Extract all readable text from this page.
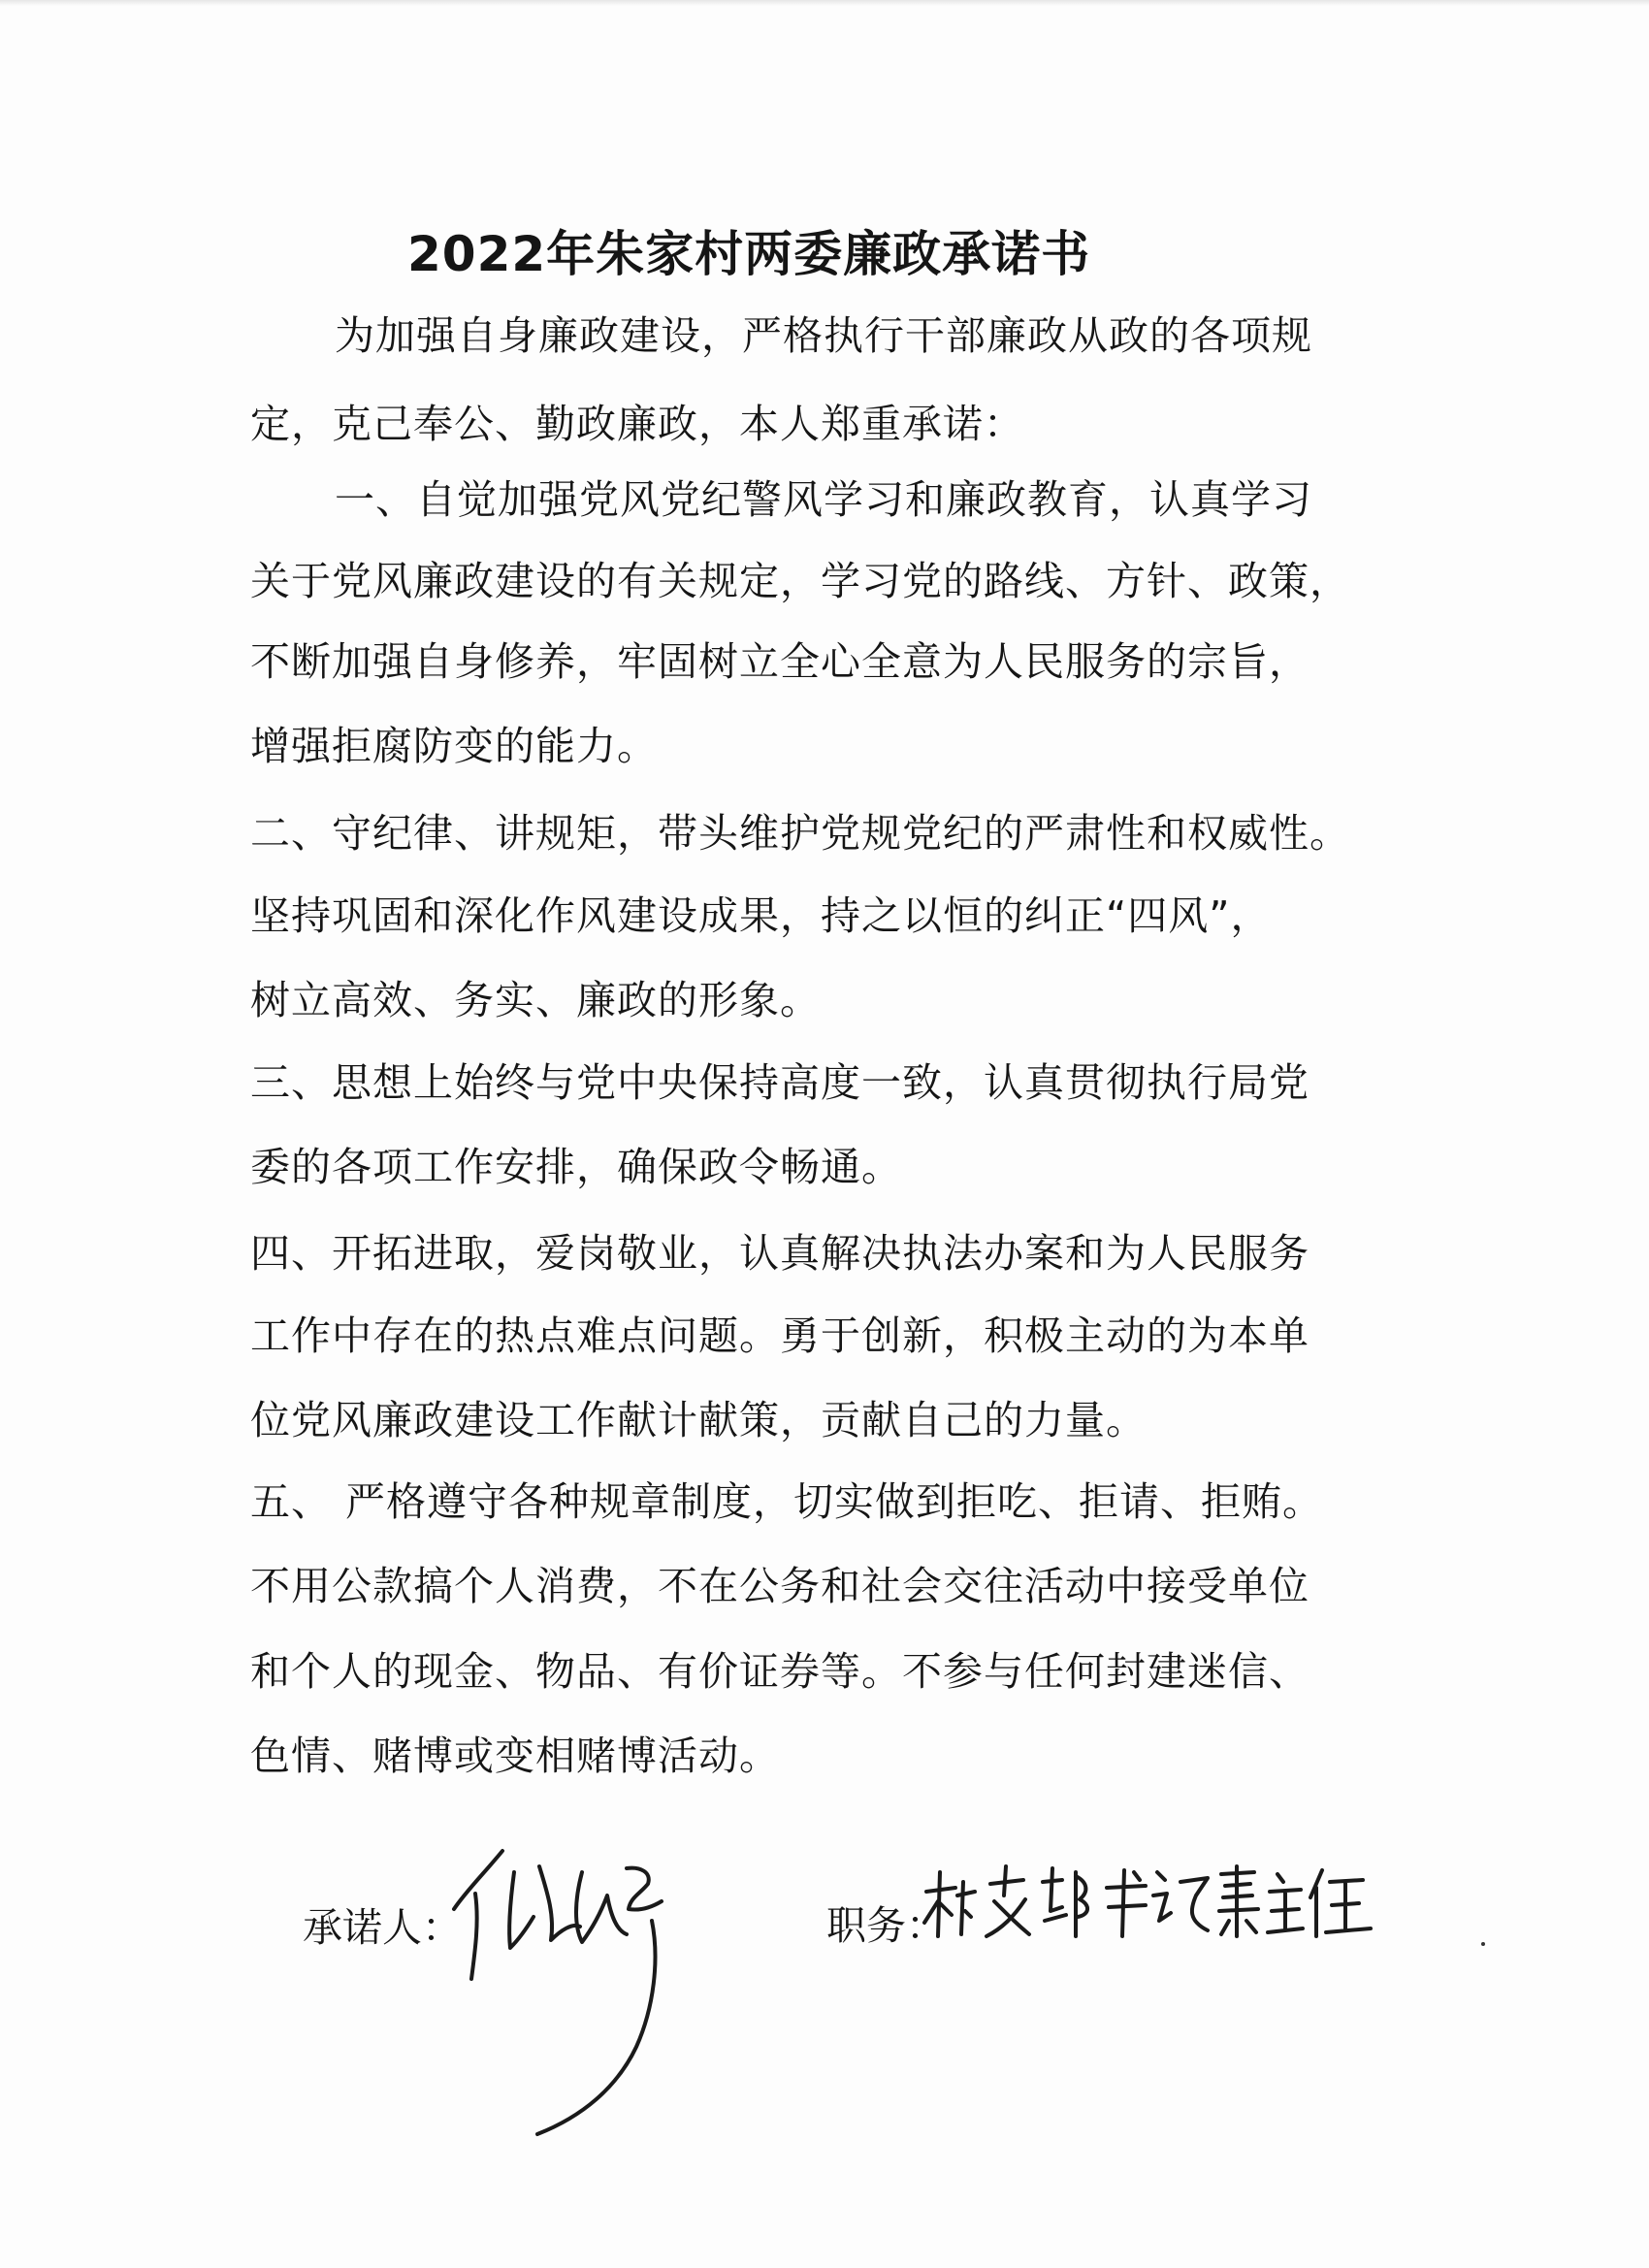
2022年朱家村两委廉政承诺书

为加强自身廉政建设，严格执行干部廉政从政的各项规

定，克己奉公、勤政廉政，本人郑重承诺：

一、自觉加强党风党纪警风学习和廉政教育，认真学习

关于党风廉政建设的有关规定，学习党的路线、方针、政策，

不断加强自身修养，牢固树立全心全意为人民服务的宗旨，

增强拒腐防变的能力。

二、守纪律、讲规矩，带头维护党规党纪的严肃性和权威性。

坚持巩固和深化作风建设成果，持之以恒的纠正“四风”，

树立高效、务实、廉政的形象。

三、思想上始终与党中央保持高度一致，认真贯彻执行局党

委的各项工作安排，确保政令畅通。

四、开拓进取，爱岗敬业，认真解决执法办案和为人民服务

工作中存在的热点难点问题。勇于创新，积极主动的为本单

位党风廉政建设工作献计献策，贡献自己的力量。

五、 严格遵守各种规章制度，切实做到拒吃、拒请、拒贿。

不用公款搞个人消费，不在公务和社会交往活动中接受单位

和个人的现金、物品、有价证券等。不参与任何封建迷信、

色情、赌博或变相赌博活动。

承诺人：	职务：
